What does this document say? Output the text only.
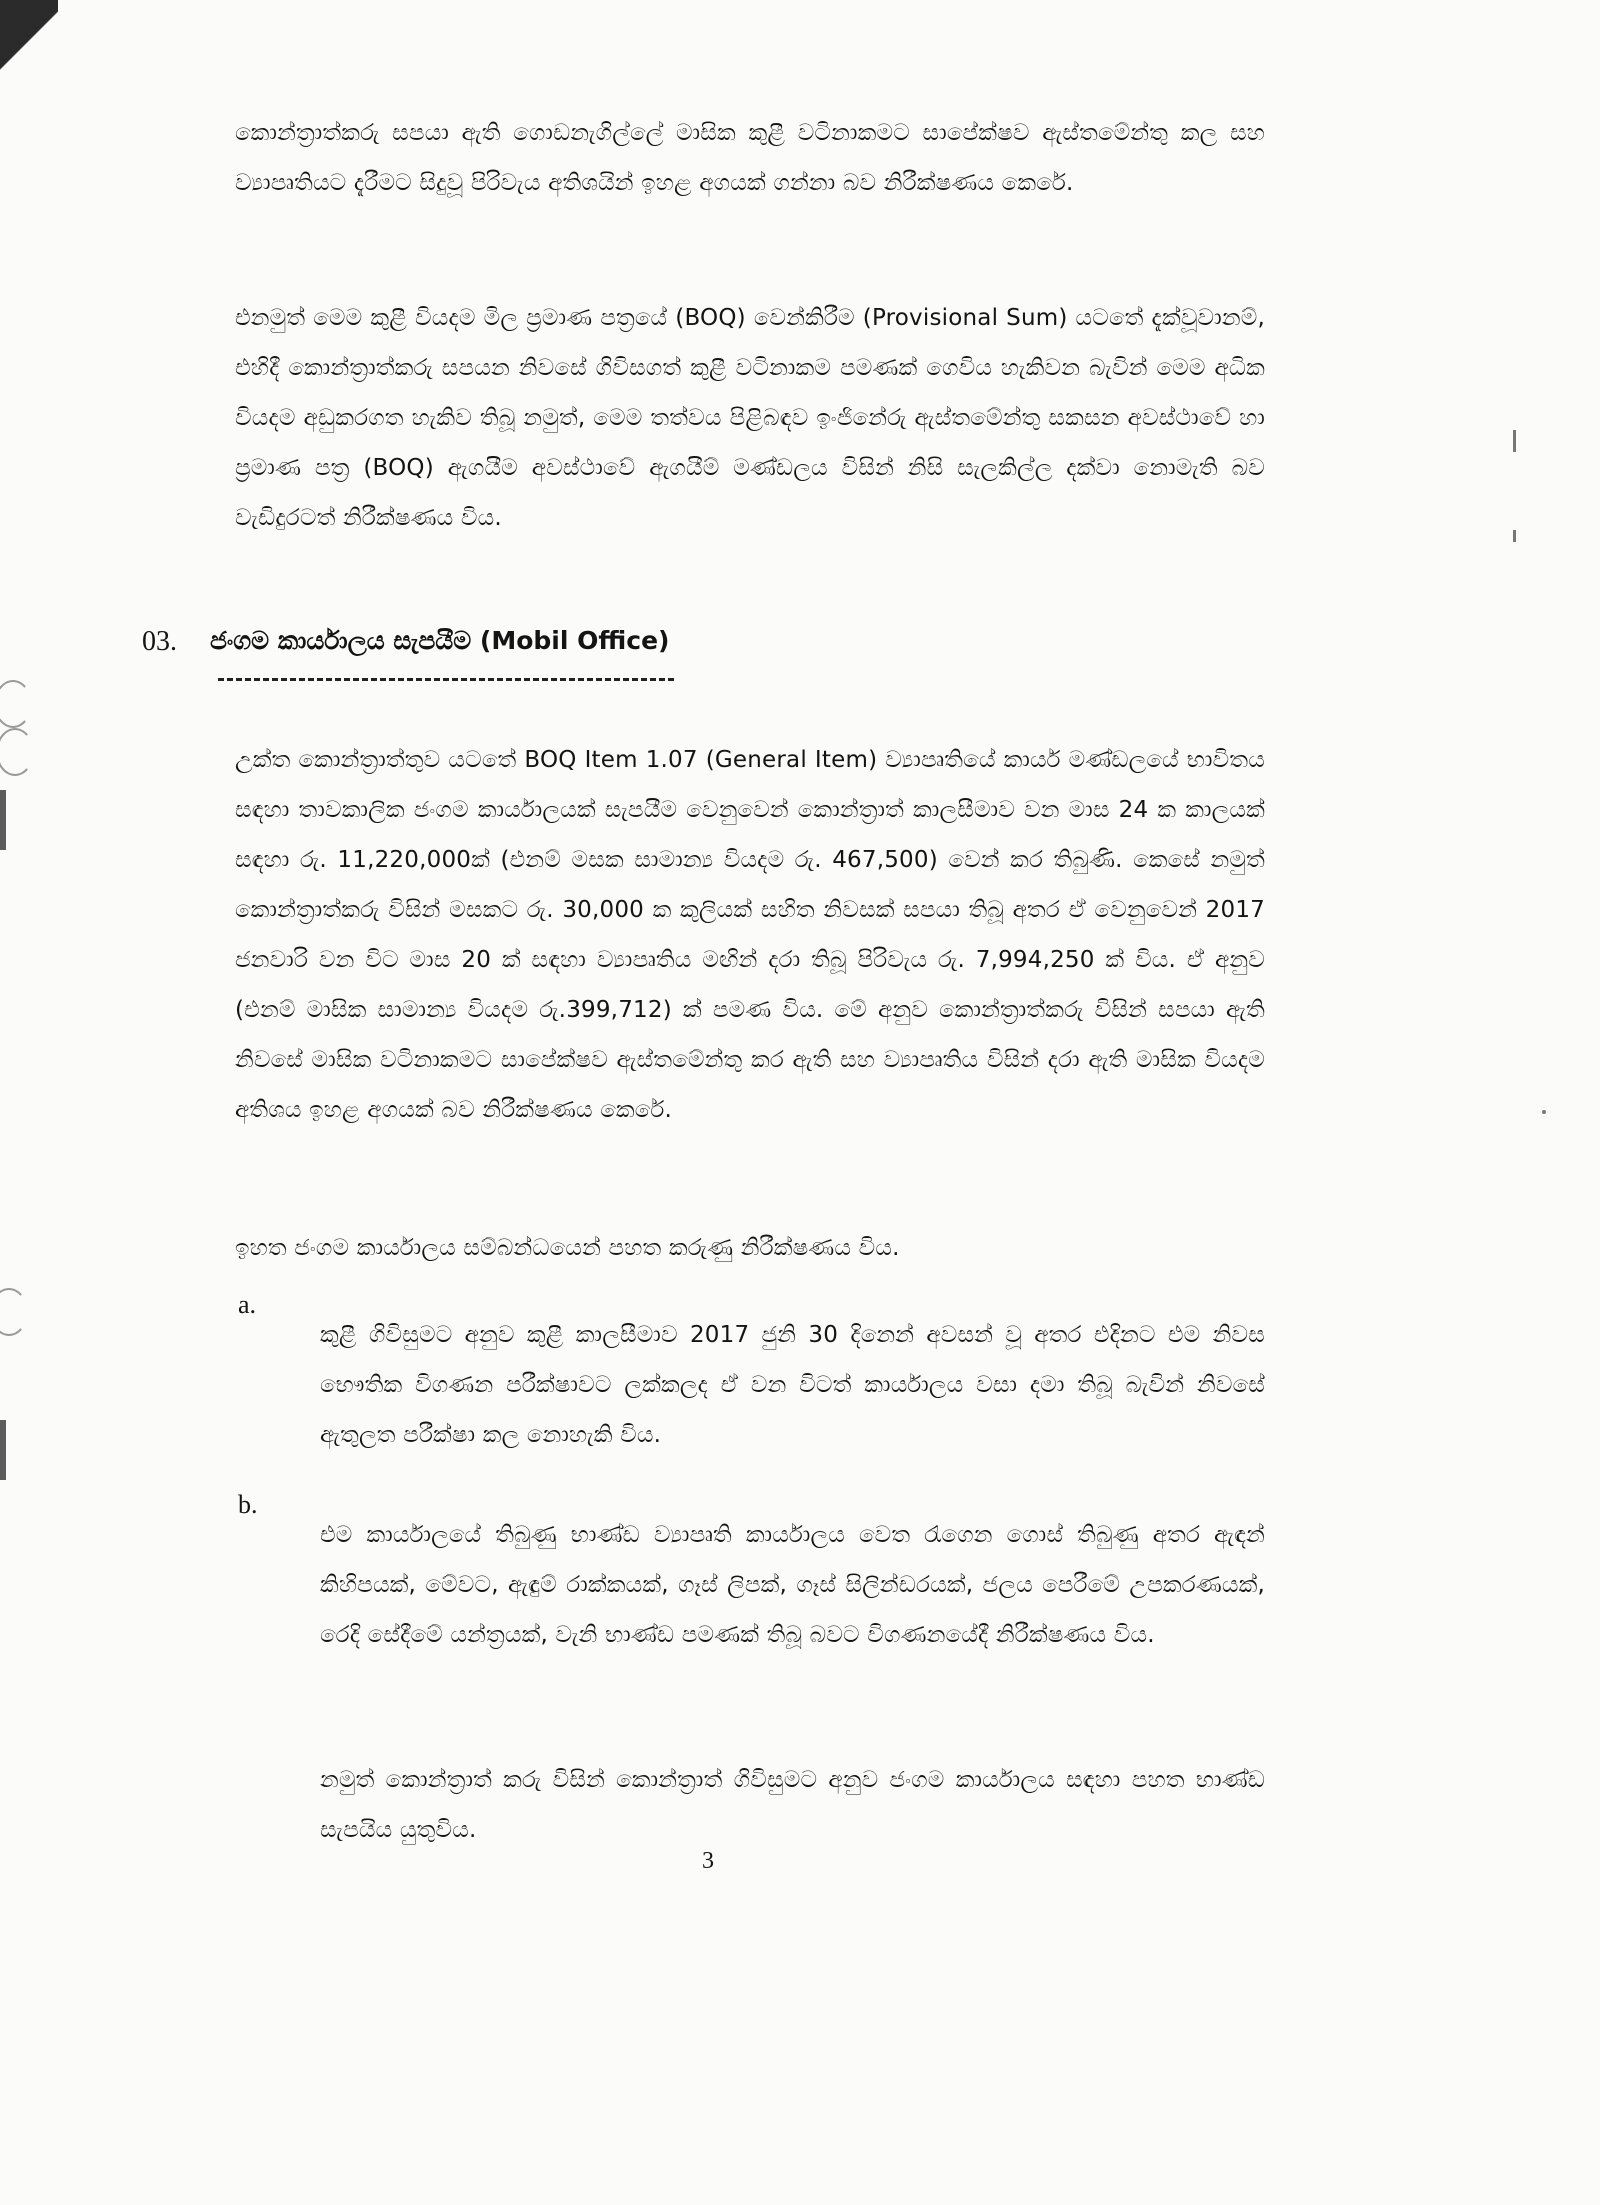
කොන්ත්‍රාත්කරු සපයා ඇති ගොඩනැගිල්ලේ මාසික කුළී වටිනාකමට සාපේක්ෂව ඇස්තමේන්තු කල සහ ව්‍යාපෘතියට දැරීමට සිදුවූ පිරිවැය අතිශයින් ඉහළ අගයක් ගන්නා බව නිරීක්ෂණය කෙරේ.

එනමුත් මෙම කුළී වියදම මිල ප්‍රමාණ පත්‍රයේ (BOQ) වෙන්කිරීම (Provisional Sum) යටතේ දැක්වූවානම්, එහිදී කොන්ත්‍රාත්කරු සපයන නිවසේ ගිවිසගත් කුළී වටිනාකම පමණක් ගෙවිය හැකිවන බැවින් මෙම අධික වියදම අඩුකරගත හැකිව තිබූ නමුත්, මෙම තත්වය පිළිබඳව ඉංජිනේරු ඇස්තමේන්තු සකසන අවස්ථාවේ හා ප්‍රමාණ පත්‍ර (BOQ) ඇගයීම අවස්ථාවේ ඇගයීම් මණ්ඩලය විසින් නිසි සැලකිල්ල දක්වා නොමැති බව වැඩිදුරටත් නිරීක්ෂණය විය.

03. ජංගම කාර්යාලය සැපයීම (Mobil Office)

උක්ත කොන්ත්‍රාත්තුව යටතේ BOQ Item 1.07 (General Item) ව්‍යාපෘතියේ කාර්ය මණ්ඩලයේ භාවිතය සඳහා තාවකාලික ජංගම කාර්යාලයක් සැපයීම වෙනුවෙන් කොන්ත්‍රාත් කාලසීමාව වන මාස 24 ක කාලයක් සඳහා රු. 11,220,000ක් (එනම් මසක සාමාන්‍ය වියදම රු. 467,500) වෙන් කර තිබුණි. කෙසේ නමුත් කොන්ත්‍රාත්කරු විසින් මසකට රු. 30,000 ක කුලියක් සහිත නිවසක් සපයා තිබූ අතර ඒ වෙනුවෙන් 2017 ජනවාරි වන විට මාස 20 ක් සඳහා ව්‍යාපෘතිය මඟින් දරා තිබූ පිරිවැය රු. 7,994,250 ක් විය. ඒ අනුව (එනම් මාසික සාමාන්‍ය වියදම රු.399,712) ක් පමණ විය. මේ අනුව කොන්ත්‍රාත්කරු විසින් සපයා ඇති නිවසේ මාසික වටිනාකමට සාපේක්ෂව ඇස්තමේන්තු කර ඇති සහ ව්‍යාපෘතිය විසින් දරා ඇති මාසික වියදම අතිශය ඉහළ අගයක් බව නිරීක්ෂණය කෙරේ.

ඉහත ජංගම කාර්යාලය සම්බන්ධයෙන් පහත කරුණු නිරීක්ෂණය විය.

a.

කුළී ගිවිසුමට අනුව කුළී කාලසීමාව 2017 ජුනි 30 දිනෙන් අවසන් වූ අතර එදිනට එම නිවස භෞතික විගණන පරීක්ෂාවට ලක්කලද ඒ වන විටත් කාර්යාලය වසා දමා තිබූ බැවින් නිවසේ ඇතුලත පරීක්ෂා කල නොහැකි විය.

b.

එම කාර්යාලයේ තිබුණු භාණ්ඩ ව්‍යාපෘති කාර්යාලය වෙත රැගෙන ගොස් තිබුණු අතර ඇඳන් කිහිපයක්, මේවට, ඇඳුම් රාක්කයක්, ගෑස් ලිපක්, ගෑස් සිලින්ඩරයක්, ජලය පෙරීමේ උපකරණයක්, රෙදි සේදීමේ යන්ත්‍රයක්, වැනි භාණ්ඩ පමණක් තිබූ බවට විගණනයේදී නිරීක්ෂණය විය.

නමුත් කොන්ත්‍රාත් කරු විසින් කොන්ත්‍රාත් ගිවිසුමට අනුව ජංගම කාර්යාලය සඳහා පහත භාණ්ඩ සැපයිය යුතුවිය.

3
